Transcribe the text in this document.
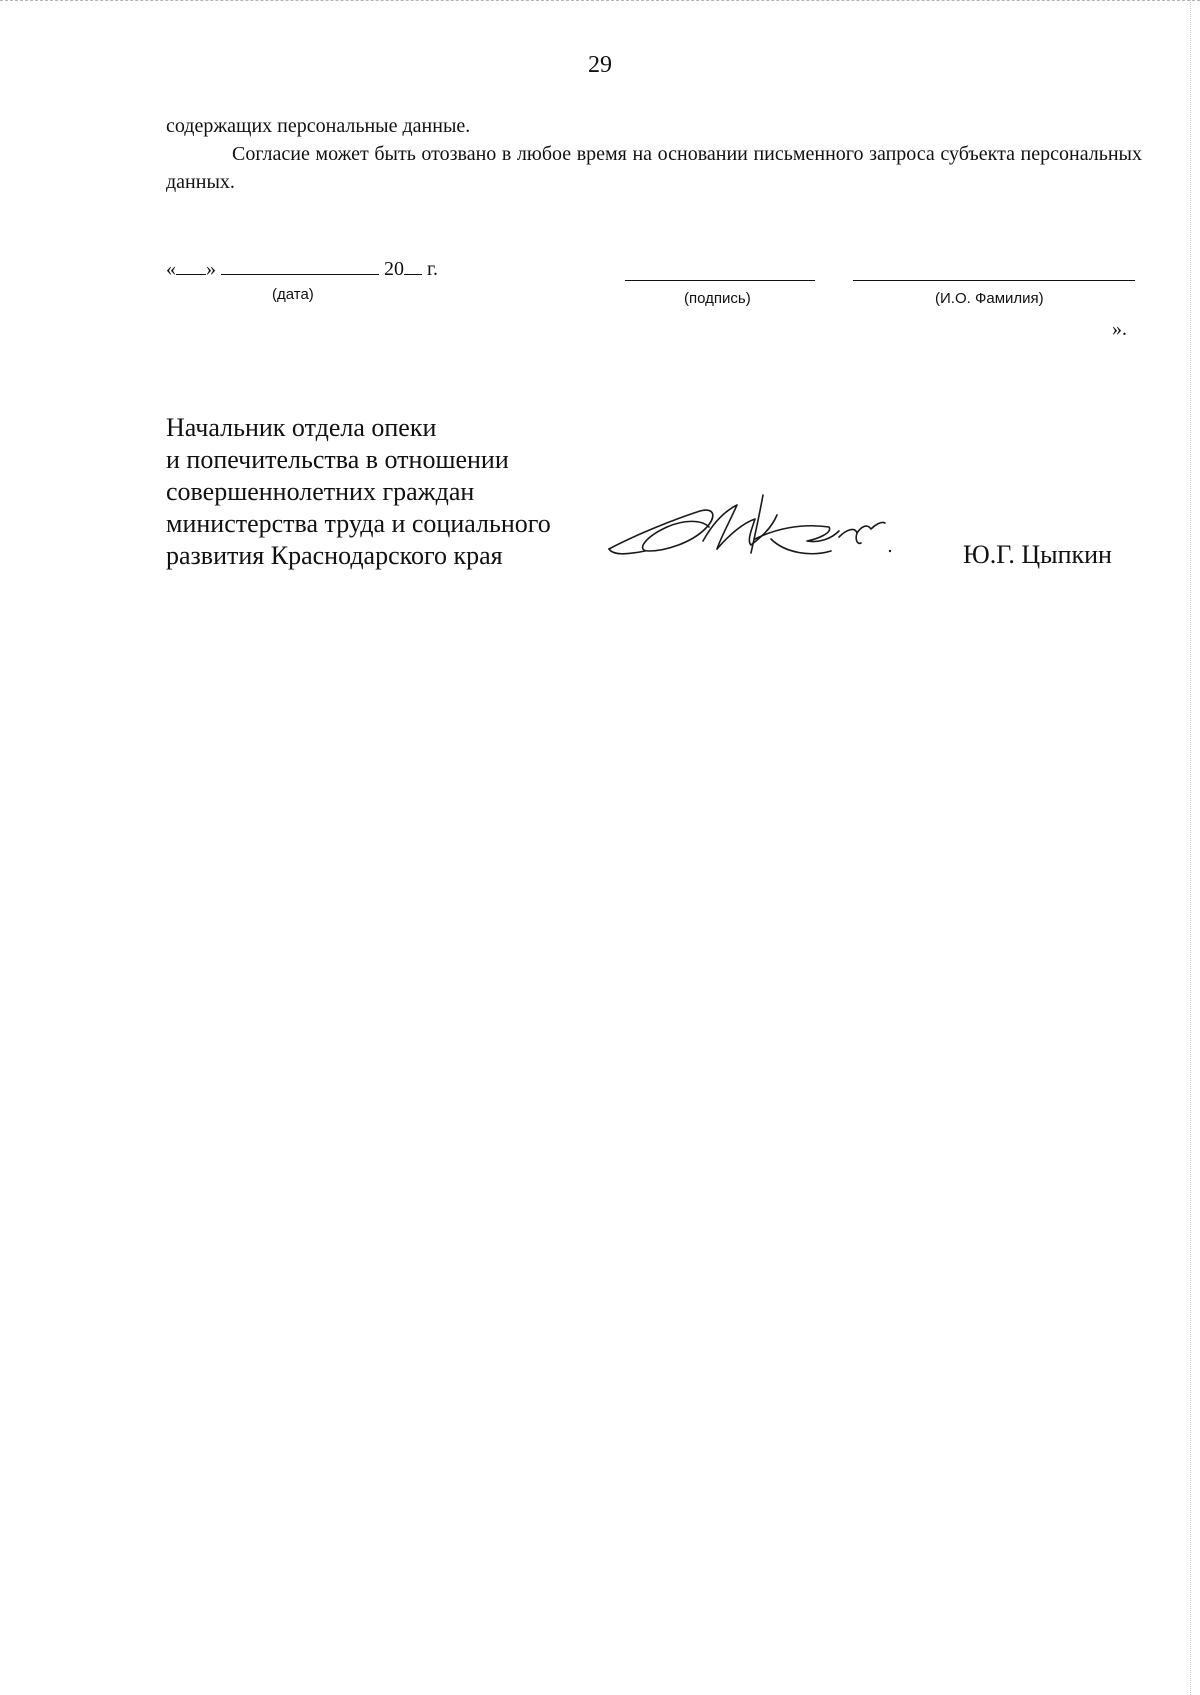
29

содержащих персональные данные.

Согласие может быть отозвано в любое время на основании письменного запроса субъекта персональных данных.

« »	20 г.
(дата)	(подпись)	(И.О. Фамилия)
».
Начальник отдела опеки
и попечительства в отношении
совершеннолетних граждан
министерства труда и социального
развития Краснодарского края	Ю.Г. Цыпкин
